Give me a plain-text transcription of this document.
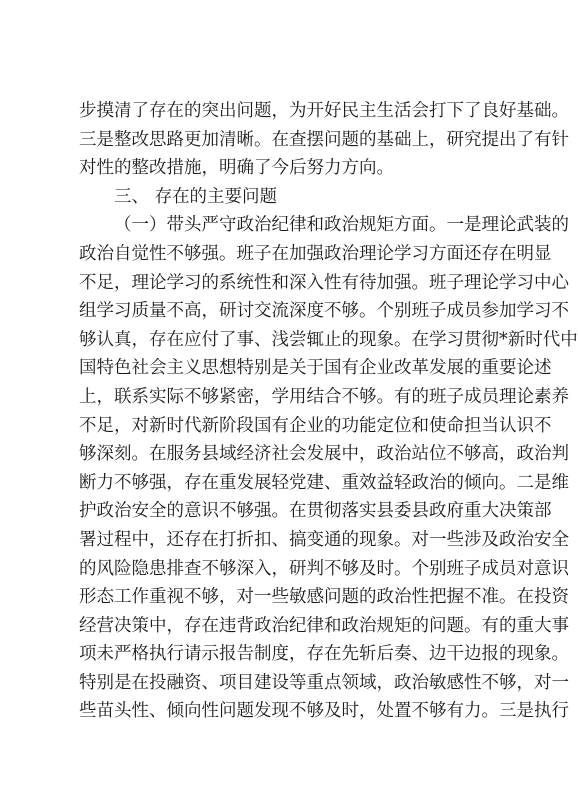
步摸清了存在的突出问题，为开好民主生活会打下了良好基础。
三是整改思路更加清晰。在查摆问题的基础上，研究提出了有针
对性的整改措施，明确了今后努力方向。
三、 存在的主要问题
（一）带头严守政治纪律和政治规矩方面。一是理论武装的
政治自觉性不够强。班子在加强政治理论学习方面还存在明显
不足，理论学习的系统性和深入性有待加强。班子理论学习中心
组学习质量不高，研讨交流深度不够。个别班子成员参加学习不
够认真，存在应付了事、浅尝辄止的现象。在学习贯彻*新时代中
国特色社会主义思想特别是关于国有企业改革发展的重要论述
上，联系实际不够紧密，学用结合不够。有的班子成员理论素养
不足，对新时代新阶段国有企业的功能定位和使命担当认识不
够深刻。在服务县域经济社会发展中，政治站位不够高，政治判
断力不够强，存在重发展轻党建、重效益轻政治的倾向。二是维
护政治安全的意识不够强。在贯彻落实县委县政府重大决策部
署过程中，还存在打折扣、搞变通的现象。对一些涉及政治安全
的风险隐患排查不够深入，研判不够及时。个别班子成员对意识
形态工作重视不够，对一些敏感问题的政治性把握不准。在投资
经营决策中，存在违背政治纪律和政治规矩的问题。有的重大事
项未严格执行请示报告制度，存在先斩后奏、边干边报的现象。
特别是在投融资、项目建设等重点领域，政治敏感性不够，对一
些苗头性、倾向性问题发现不够及时，处置不够有力。三是执行
